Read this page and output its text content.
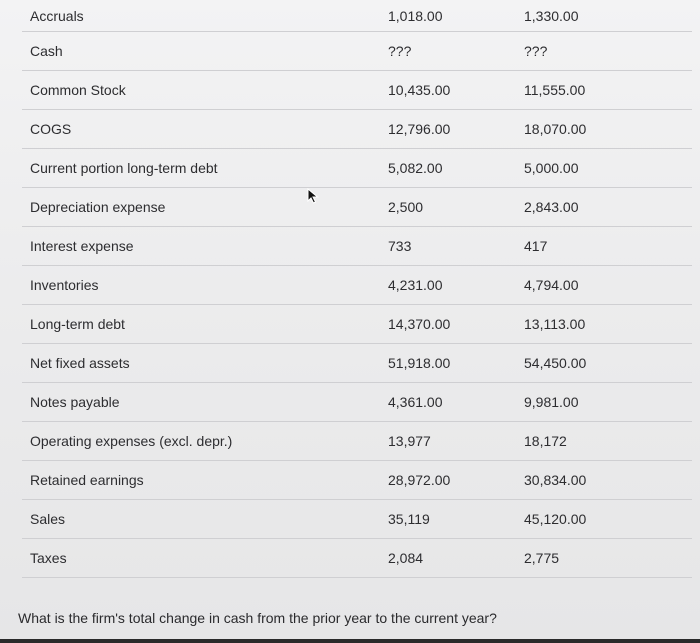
Accruals	1,018.00	1,330.00
Cash	???	???
Common Stock	10,435.00	11,555.00
COGS	12,796.00	18,070.00
Current portion long-term debt	5,082.00	5,000.00
Depreciation expense	2,500	2,843.00
Interest expense	733	417
Inventories	4,231.00	4,794.00
Long-term debt	14,370.00	13,113.00
Net fixed assets	51,918.00	54,450.00
Notes payable	4,361.00	9,981.00
Operating expenses (excl. depr.)	13,977	18,172
Retained earnings	28,972.00	30,834.00
Sales	35,119	45,120.00
Taxes	2,084	2,775
What is the firm's total change in cash from the prior year to the current year?
